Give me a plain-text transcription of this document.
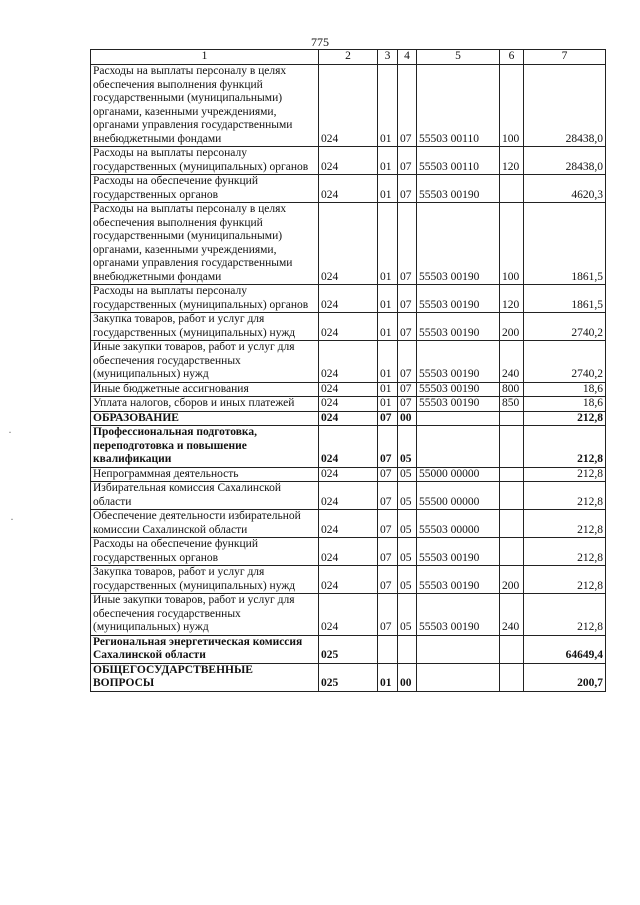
775
1	2	3	4	5	6	7
Расходы на выплаты персоналу в целях обеспечения выполнения функций государственными (муниципальными) органами, казенными учреждениями, органами управления государственными внебюджетными фондами	024	01	07	55503 00110	100	28438,0
Расходы на выплаты персоналу государственных (муниципальных) органов	024	01	07	55503 00110	120	28438,0
Расходы на обеспечение функций государственных органов	024	01	07	55503 00190		4620,3
Расходы на выплаты персоналу в целях обеспечения выполнения функций государственными (муниципальными) органами, казенными учреждениями, органами управления государственными внебюджетными фондами	024	01	07	55503 00190	100	1861,5
Расходы на выплаты персоналу государственных (муниципальных) органов	024	01	07	55503 00190	120	1861,5
Закупка товаров, работ и услуг для государственных (муниципальных) нужд	024	01	07	55503 00190	200	2740,2
Иные закупки товаров, работ и услуг для обеспечения государственных (муниципальных) нужд	024	01	07	55503 00190	240	2740,2
Иные бюджетные ассигнования	024	01	07	55503 00190	800	18,6
Уплата налогов, сборов и иных платежей	024	01	07	55503 00190	850	18,6
ОБРАЗОВАНИЕ	024	07	00			212,8
Профессиональная подготовка, переподготовка и повышение квалификации	024	07	05			212,8
Непрограммная деятельность	024	07	05	55000 00000		212,8
Избирательная комиссия Сахалинской области	024	07	05	55500 00000		212,8
Обеспечение деятельности избирательной комиссии Сахалинской области	024	07	05	55503 00000		212,8
Расходы на обеспечение функций государственных органов	024	07	05	55503 00190		212,8
Закупка товаров, работ и услуг для государственных (муниципальных) нужд	024	07	05	55503 00190	200	212,8
Иные закупки товаров, работ и услуг для обеспечения государственных (муниципальных) нужд	024	07	05	55503 00190	240	212,8
Региональная энергетическая комиссия Сахалинской области	025					64649,4
ОБЩЕГОСУДАРСТВЕННЫЕ ВОПРОСЫ	025	01	00			200,7
·
·
